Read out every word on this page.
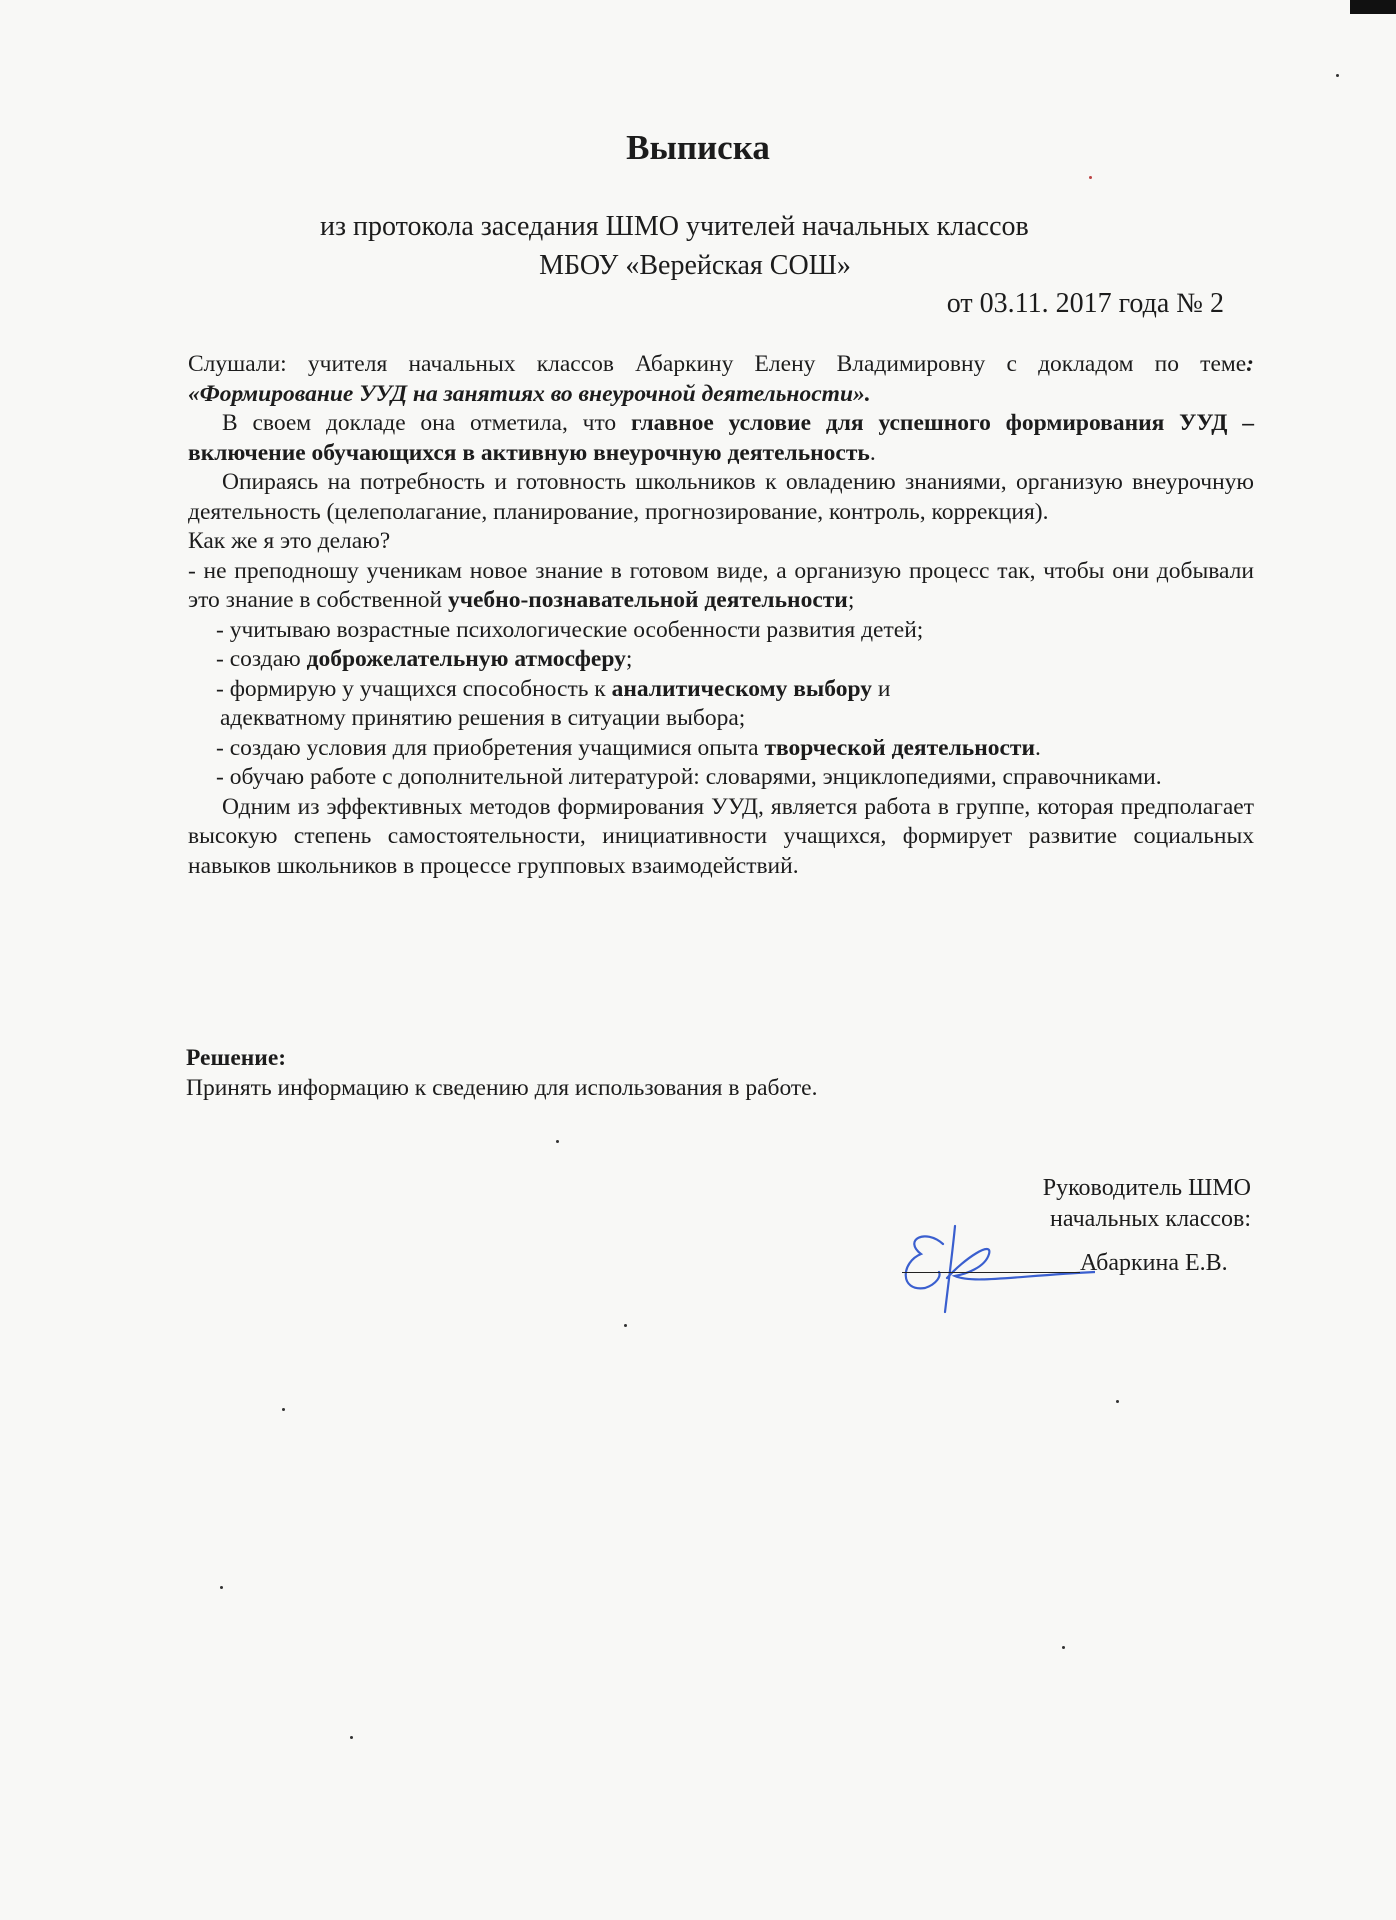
Выписка
из протокола заседания ШМО учителей начальных классов
МБОУ «Верейская СОШ»
от 03.11. 2017 года № 2

Слушали: учителя начальных классов Абаркину Елену Владимировну с докладом по теме: «Формирование УУД на занятиях во внеурочной деятельности».

В своем докладе она отметила, что главное условие для успешного формирования УУД –включение обучающихся в активную внеурочную деятельность.

Опираясь на потребность и готовность школьников к овладению знаниями, организую внеурочную деятельность (целеполагание, планирование, прогнозирование, контроль, коррекция).

Как же я это делаю?

- не преподношу ученикам новое знание в готовом виде, а организую процесс так, чтобы они добывали это знание в собственной учебно-познавательной деятельности;

- учитываю возрастные психологические особенности развития детей;

- создаю доброжелательную атмосферу;

- формирую у учащихся способность к аналитическому выбору и

адекватному принятию решения в ситуации выбора;

- создаю условия для приобретения учащимися опыта творческой деятельности.

- обучаю работе с дополнительной литературой: словарями, энциклопедиями, справочниками.

Одним из эффективных методов формирования УУД, является работа в группе, которая предполагает высокую степень самостоятельности, инициативности учащихся, формирует развитие социальных навыков школьников в процессе групповых взаимодействий.

Решение:

Принять информацию к сведению для использования в работе.

Руководитель ШМО

начальных классов:

Абаркина Е.В.
